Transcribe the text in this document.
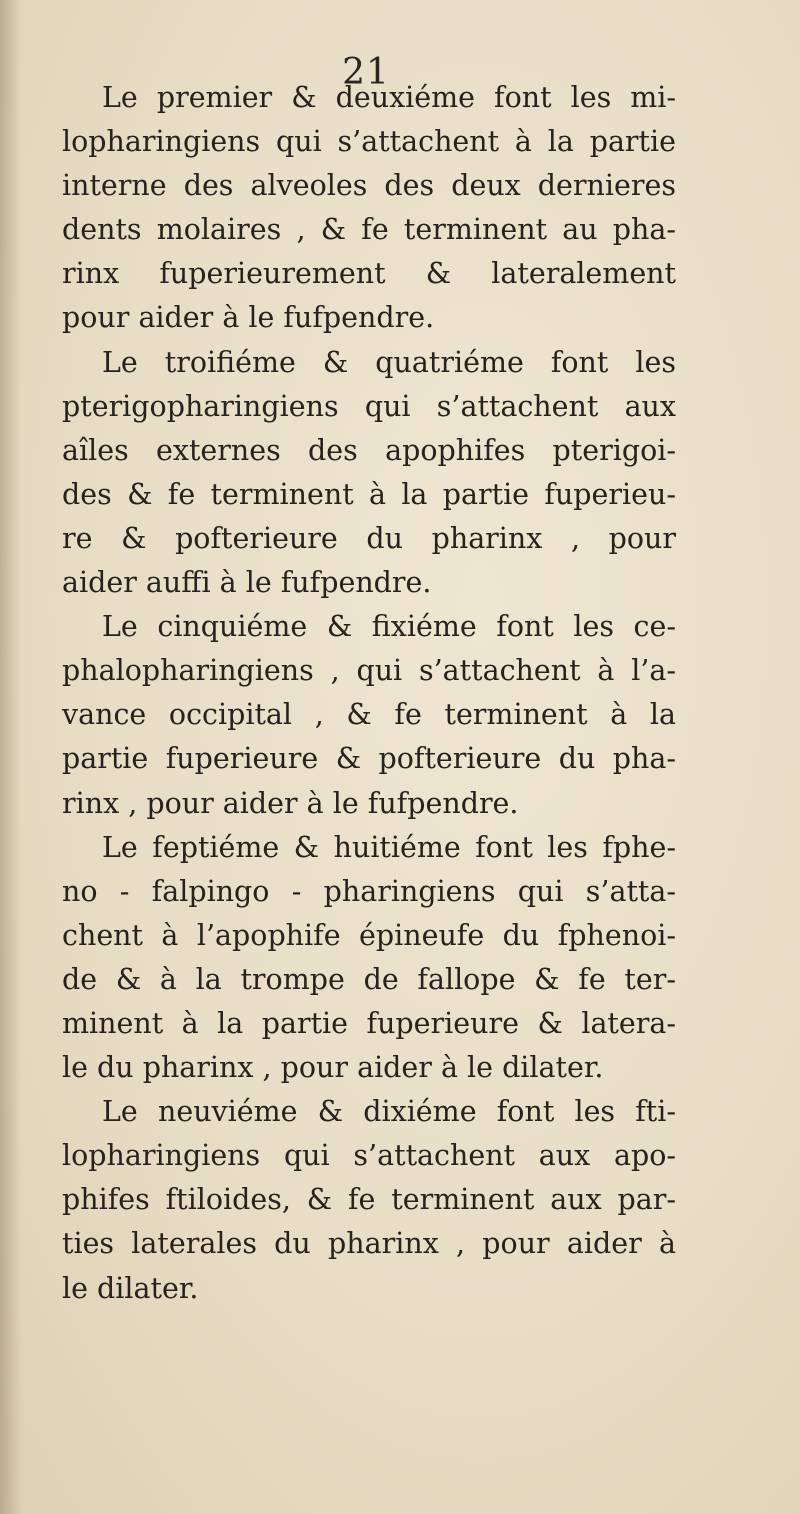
21
Le premier & deuxiéme font les mi-
lopharingiens qui s’attachent à la partie
interne des alveoles des deux dernieres
dents molaires , & fe terminent au pha-
rinx fuperieurement & lateralement
pour aider à le fufpendre.
Le troifiéme & quatriéme font les
pterigopharingiens qui s’attachent aux
aîles externes des apophifes pterigoi-
des & fe terminent à la partie fuperieu-
re & pofterieure du pharinx , pour
aider auffi à le fufpendre.
Le cinquiéme & fixiéme font les ce-
phalopharingiens , qui s’attachent à l’a-
vance occipital , & fe terminent à la
partie fuperieure & pofterieure du pha-
rinx , pour aider à le fufpendre.
Le feptiéme & huitiéme font les fphe-
no - falpingo - pharingiens qui s’atta-
chent à l’apophife épineufe du fphenoi-
de & à la trompe de fallope & fe ter-
minent à la partie fuperieure & latera-
le du pharinx , pour aider à le dilater.
Le neuviéme & dixiéme font les fti-
lopharingiens qui s’attachent aux apo-
phifes ftiloides, & fe terminent aux par-
ties laterales du pharinx , pour aider à
le dilater.
